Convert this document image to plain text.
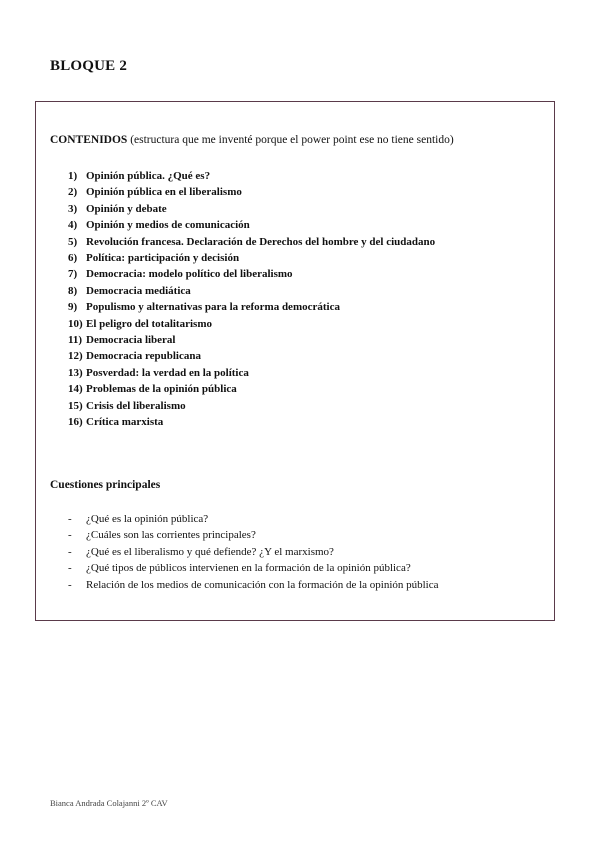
BLOQUE 2
CONTENIDOS (estructura que me inventé porque el power point ese no tiene sentido)
1) Opinión pública. ¿Qué es?
2) Opinión pública en el liberalismo
3) Opinión y debate
4) Opinión y medios de comunicación
5) Revolución francesa. Declaración de Derechos del hombre y del ciudadano
6) Política: participación y decisión
7) Democracia: modelo político del liberalismo
8) Democracia mediática
9) Populismo y alternativas para la reforma democrática
10) El peligro del totalitarismo
11) Democracia liberal
12) Democracia republicana
13) Posverdad: la verdad en la política
14) Problemas de la opinión pública
15) Crisis del liberalismo
16) Crítica marxista
Cuestiones principales
- ¿Qué es la opinión pública?
- ¿Cuáles son las corrientes principales?
- ¿Qué es el liberalismo y qué defiende? ¿Y el marxismo?
- ¿Qué tipos de públicos intervienen en la formación de la opinión pública?
- Relación de los medios de comunicación con la formación de la opinión pública
Bianca Andrada Colajanni 2º CAV
